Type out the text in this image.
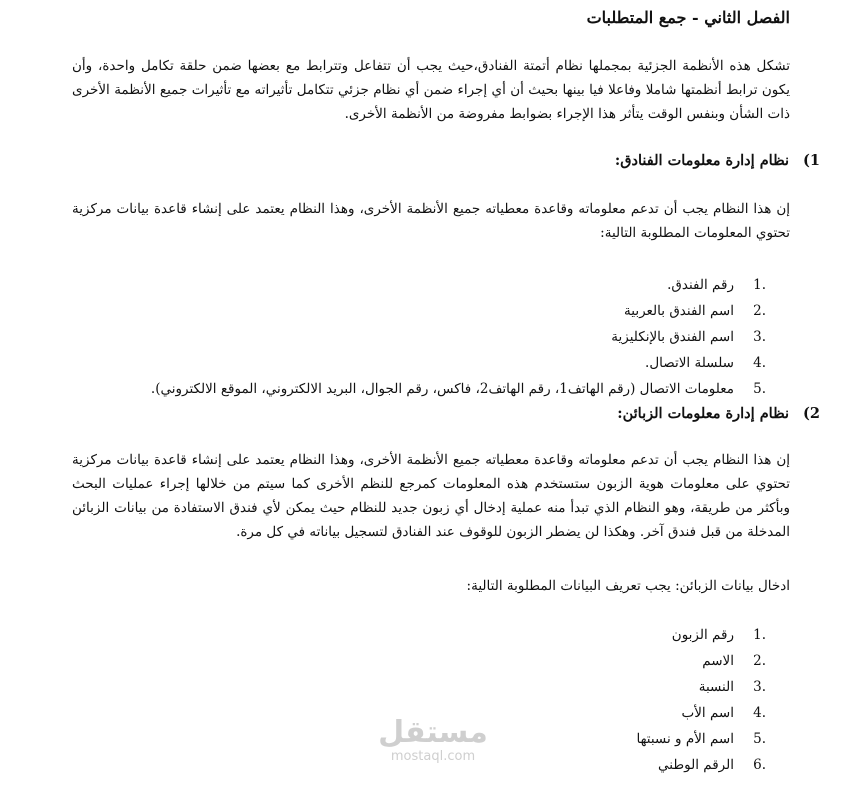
الفصل الثاني - جمع المتطلبات

تشكل هذه الأنظمة الجزئية بمجملها نظام أتمتة الفنادق،حيث يجب أن تتفاعل وتترابط مع بعضها ضمن حلقة تكامل واحدة، وأن يكون ترابط أنظمتها شاملا وفاعلا فيا بينها بحيث أن أي إجراء ضمن أي نظام جزئي تتكامل تأثيراته مع تأثيرات جميع الأنظمة الأخرى ذات الشأن وبنفس الوقت يتأثر هذا الإجراء بضوابط مفروضة من الأنظمة الأخرى.

1)
نظام إدارة معلومات الفنادق:

إن هذا النظام يجب أن تدعم معلوماته وقاعدة معطياته جميع الأنظمة الأخرى، وهذا النظام يعتمد على إنشاء قاعدة بيانات مركزية تحتوي المعلومات المطلوبة التالية:

1.
رقم الفندق.
2.
اسم الفندق بالعربية
3.
اسم الفندق بالإنكليزية
4.
سلسلة الاتصال.
5.
معلومات الاتصال (رقم الهاتف1، رقم الهاتف2، فاكس، رقم الجوال، البريد الالكتروني، الموقع الالكتروني).
2)
نظام إدارة معلومات الزبائن:

إن هذا النظام يجب أن تدعم معلوماته وقاعدة معطياته جميع الأنظمة الأخرى، وهذا النظام يعتمد على إنشاء قاعدة بيانات مركزية تحتوي على معلومات هوية الزبون ستستخدم هذه المعلومات كمرجع للنظم الأخرى كما سيتم من خلالها إجراء عمليات البحث وبأكثر من طريقة، وهو النظام الذي تبدأ منه عملية إدخال أي زبون جديد للنظام حيث يمكن لأي فندق الاستفادة من بيانات الزبائن المدخلة من قبل فندق آخر. وهكذا لن يضطر الزبون للوقوف عند الفنادق لتسجيل بياناته في كل مرة.

ادخال بيانات الزبائن: يجب تعريف البيانات المطلوبة التالية:

1.
رقم الزبون
2.
الاسم
3.
النسبة
4.
اسم الأب
5.
اسم الأم و نسبتها
6.
الرقم الوطني
مستقل
mostaql.com
